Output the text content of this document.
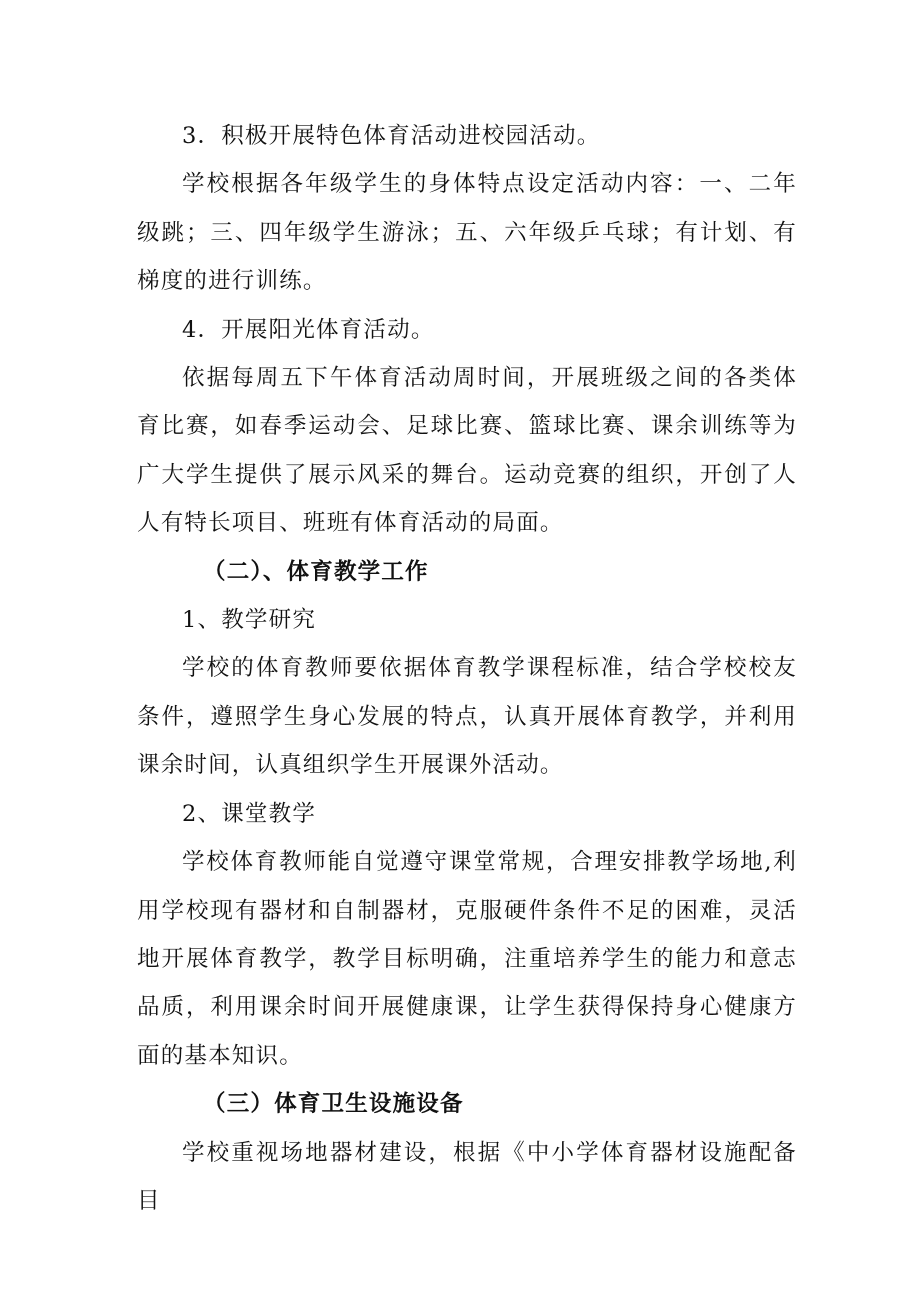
3．积极开展特色体育活动进校园活动。

学校根据各年级学生的身体特点设定活动内容：一、二年级跳；三、四年级学生游泳；五、六年级乒乓球；有计划、有梯度的进行训练。

4．开展阳光体育活动。

依据每周五下午体育活动周时间，开展班级之间的各类体育比赛，如春季运动会、足球比赛、篮球比赛、课余训练等为广大学生提供了展示风采的舞台。运动竞赛的组织，开创了人人有特长项目、班班有体育活动的局面。

（二）、体育教学工作

1、教学研究

学校的体育教师要依据体育教学课程标准，结合学校校友条件，遵照学生身心发展的特点，认真开展体育教学，并利用课余时间，认真组织学生开展课外活动。

2、课堂教学

学校体育教师能自觉遵守课堂常规，合理安排教学场地,利用学校现有器材和自制器材，克服硬件条件不足的困难，灵活地开展体育教学，教学目标明确，注重培养学生的能力和意志品质，利用课余时间开展健康课，让学生获得保持身心健康方面的基本知识。

（三）体育卫生设施设备

学校重视场地器材建设，根据《中小学体育器材设施配备目
